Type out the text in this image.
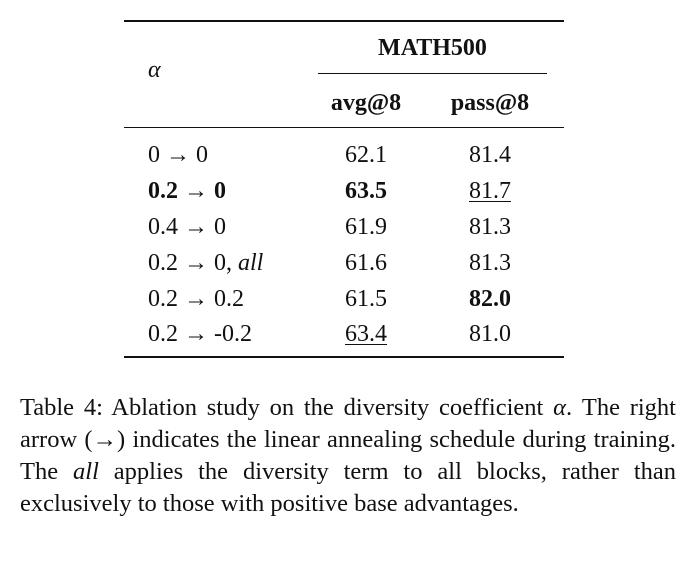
α
MATH500
avg@8	pass@8
0 → 0	62.1	81.4
0.2 → 0	63.5	81.7
0.4 → 0	61.9	81.3
0.2 → 0, all	61.6	81.3
0.2 → 0.2	61.5	82.0
0.2 → -0.2	63.4	81.0
Table 4: Ablation study on the diversity coefficient α. The right arrow (→) indicates the linear annealing schedule during training. The all applies the diversity term to all blocks, rather than exclusively to those with positive base advantages.
